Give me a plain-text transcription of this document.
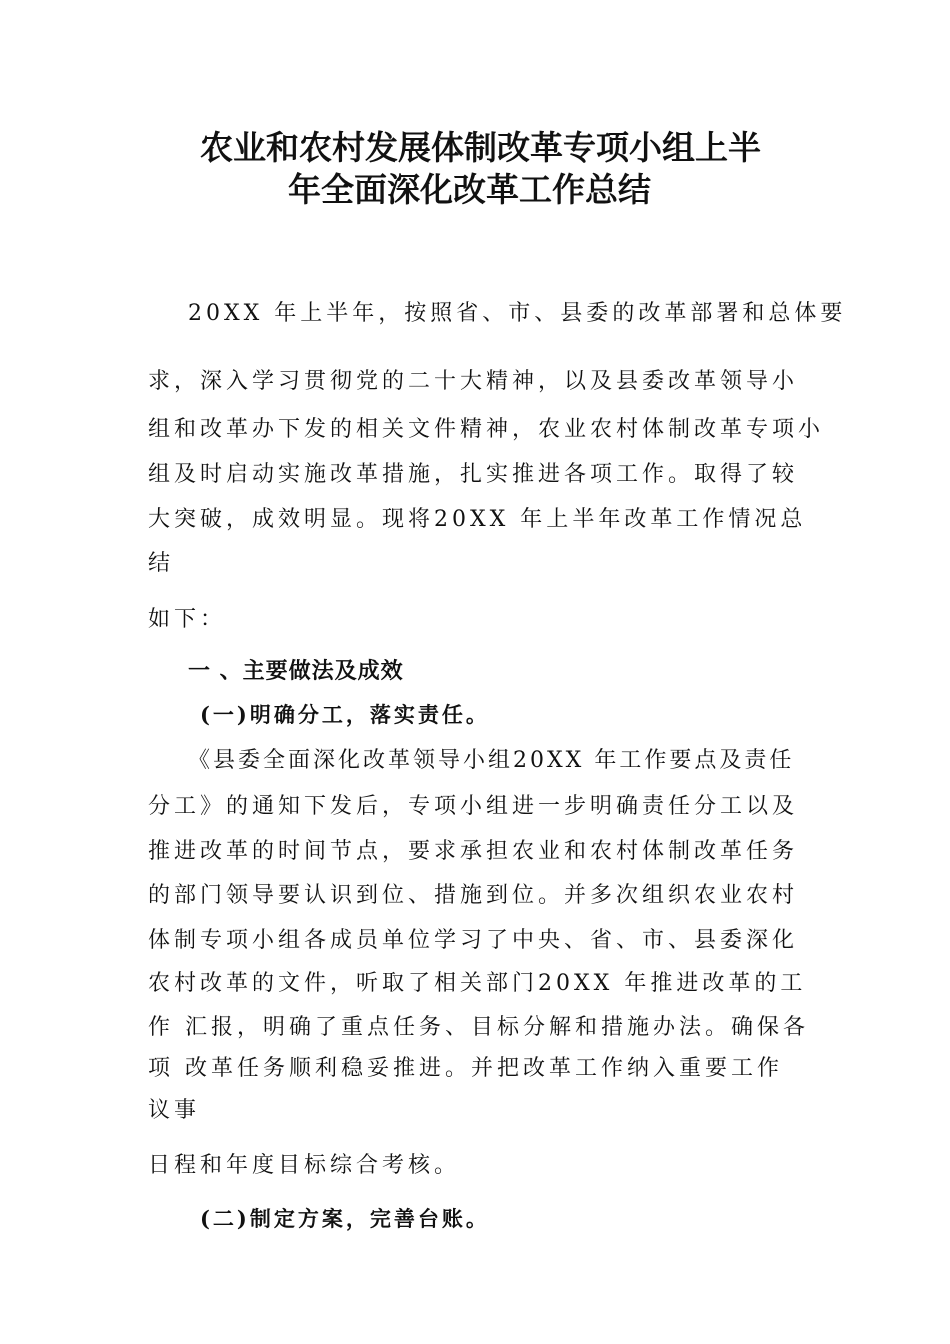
农业和农村发展体制改革专项小组上半
年全面深化改革工作总结
20XX 年上半年，按照省、市、县委的改革部署和总体要
求，深入学习贯彻党的二十大精神，以及县委改革领导小
组和改革办下发的相关文件精神，农业农村体制改革专项小
组及时启动实施改革措施，扎实推进各项工作。取得了较
大突破，成效明显。现将20XX 年上半年改革工作情况总
结
如下：
一 、主要做法及成效
(一)明确分工，落实责任。
《县委全面深化改革领导小组20XX 年工作要点及责任
分工》的通知下发后，专项小组进一步明确责任分工以及
推进改革的时间节点，要求承担农业和农村体制改革任务
的部门领导要认识到位、措施到位。并多次组织农业农村
体制专项小组各成员单位学习了中央、省、市、县委深化
农村改革的文件，听取了相关部门20XX 年推进改革的工
作 汇报，明确了重点任务、目标分解和措施办法。确保各
项 改革任务顺利稳妥推进。并把改革工作纳入重要工作
议事
日程和年度目标综合考核。
(二)制定方案，完善台账。
